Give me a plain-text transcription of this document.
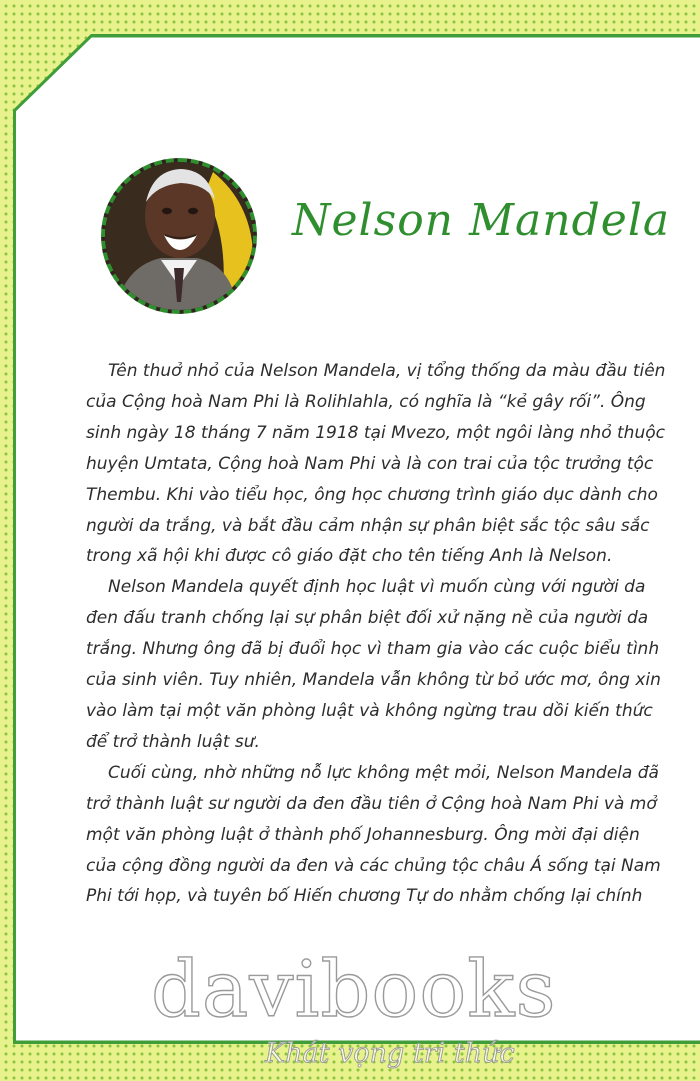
Nelson Mandela

Tên thuở nhỏ của Nelson Mandela, vị tổng thống da màu đầu tiên
của Cộng hoà Nam Phi là Rolihlahla, có nghĩa là “kẻ gây rối”. Ông
sinh ngày 18 tháng 7 năm 1918 tại Mvezo, một ngôi làng nhỏ thuộc
huyện Umtata, Cộng hoà Nam Phi và là con trai của tộc trưởng tộc
Thembu. Khi vào tiểu học, ông học chương trình giáo dục dành cho
người da trắng, và bắt đầu cảm nhận sự phân biệt sắc tộc sâu sắc
trong xã hội khi được cô giáo đặt cho tên tiếng Anh là Nelson.

Nelson Mandela quyết định học luật vì muốn cùng với người da
đen đấu tranh chống lại sự phân biệt đối xử nặng nề của người da
trắng. Nhưng ông đã bị đuổi học vì tham gia vào các cuộc biểu tình
của sinh viên. Tuy nhiên, Mandela vẫn không từ bỏ ước mơ, ông xin
vào làm tại một văn phòng luật và không ngừng trau dồi kiến thức
để trở thành luật sư.

Cuối cùng, nhờ những nỗ lực không mệt mỏi, Nelson Mandela đã
trở thành luật sư người da đen đầu tiên ở Cộng hoà Nam Phi và mở
một văn phòng luật ở thành phố Johannesburg. Ông mời đại diện
của cộng đồng người da đen và các chủng tộc châu Á sống tại Nam
Phi tới họp, và tuyên bố Hiến chương Tự do nhằm chống lại chính

davibooks
Khát vọng tri thức
